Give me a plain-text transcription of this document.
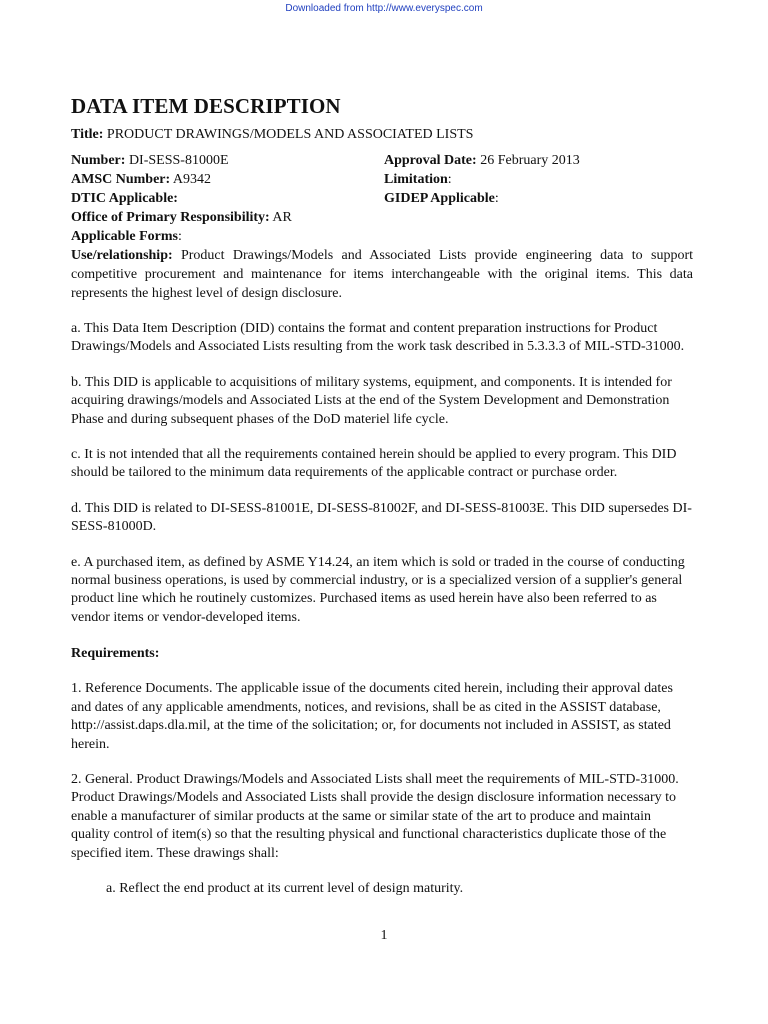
Downloaded from http://www.everyspec.com
DATA ITEM DESCRIPTION
Title: PRODUCT DRAWINGS/MODELS AND ASSOCIATED LISTS
Number: DI-SESS-81000E	Approval Date: 26 February 2013
AMSC Number: A9342	Limitation:
DTIC Applicable:	GIDEP Applicable:
Office of Primary Responsibility: AR
Applicable Forms:
Use/relationship: Product Drawings/Models and Associated Lists provide engineering data to support competitive procurement and maintenance for items interchangeable with the original items. This data represents the highest level of design disclosure.
a. This Data Item Description (DID) contains the format and content preparation instructions for Product Drawings/Models and Associated Lists resulting from the work task described in 5.3.3.3 of MIL-STD-31000.
b. This DID is applicable to acquisitions of military systems, equipment, and components. It is intended for acquiring drawings/models and Associated Lists at the end of the System Development and Demonstration Phase and during subsequent phases of the DoD materiel life cycle.
c. It is not intended that all the requirements contained herein should be applied to every program. This DID should be tailored to the minimum data requirements of the applicable contract or purchase order.
d. This DID is related to DI-SESS-81001E, DI-SESS-81002F, and DI-SESS-81003E. This DID supersedes DI-SESS-81000D.
e. A purchased item, as defined by ASME Y14.24, an item which is sold or traded in the course of conducting normal business operations, is used by commercial industry, or is a specialized version of a supplier's general product line which he routinely customizes. Purchased items as used herein have also been referred to as vendor items or vendor-developed items.
Requirements:
1. Reference Documents. The applicable issue of the documents cited herein, including their approval dates and dates of any applicable amendments, notices, and revisions, shall be as cited in the ASSIST database, http://assist.daps.dla.mil, at the time of the solicitation; or, for documents not included in ASSIST, as stated herein.
2. General. Product Drawings/Models and Associated Lists shall meet the requirements of MIL-STD-31000. Product Drawings/Models and Associated Lists shall provide the design disclosure information necessary to enable a manufacturer of similar products at the same or similar state of the art to produce and maintain quality control of item(s) so that the resulting physical and functional characteristics duplicate those of the specified item. These drawings shall:
a. Reflect the end product at its current level of design maturity.
1
